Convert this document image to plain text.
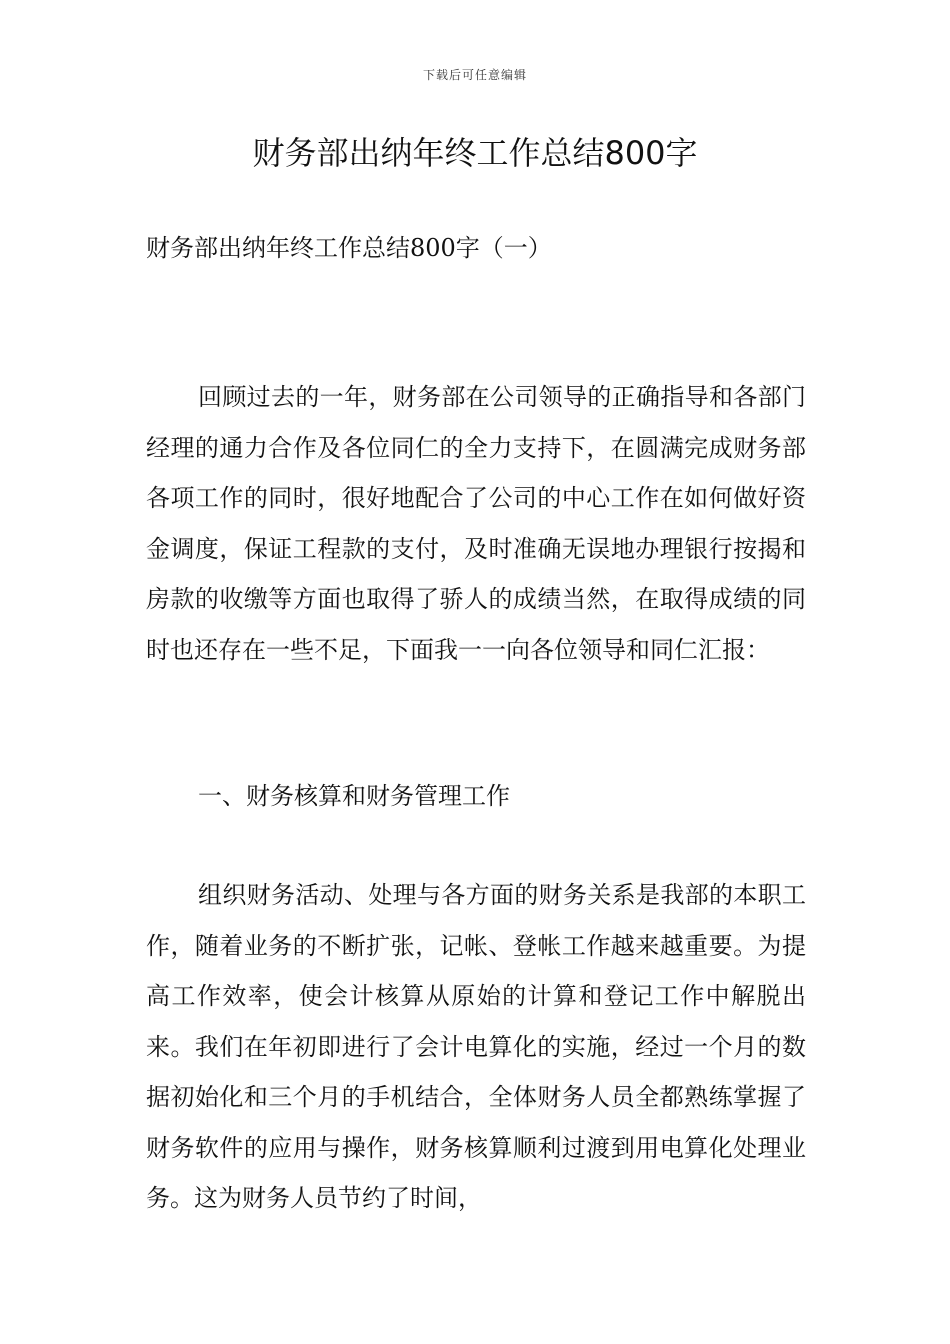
下载后可任意编辑
财务部出纳年终工作总结800字
财务部出纳年终工作总结800字（一）

回顾过去的一年，财务部在公司领导的正确指导和各部门经理的通力合作及各位同仁的全力支持下，在圆满完成财务部各项工作的同时，很好地配合了公司的中心工作在如何做好资金调度，保证工程款的支付，及时准确无误地办理银行按揭和房款的收缴等方面也取得了骄人的成绩当然，在取得成绩的同时也还存在一些不足，下面我一一向各位领导和同仁汇报：

一、财务核算和财务管理工作

组织财务活动、处理与各方面的财务关系是我部的本职工作，随着业务的不断扩张，记帐、登帐工作越来越重要。为提高工作效率，使会计核算从原始的计算和登记工作中解脱出来。我们在年初即进行了会计电算化的实施，经过一个月的数据初始化和三个月的手机结合，全体财务人员全都熟练掌握了财务软件的应用与操作，财务核算顺利过渡到用电算化处理业务。这为财务人员节约了时间，
